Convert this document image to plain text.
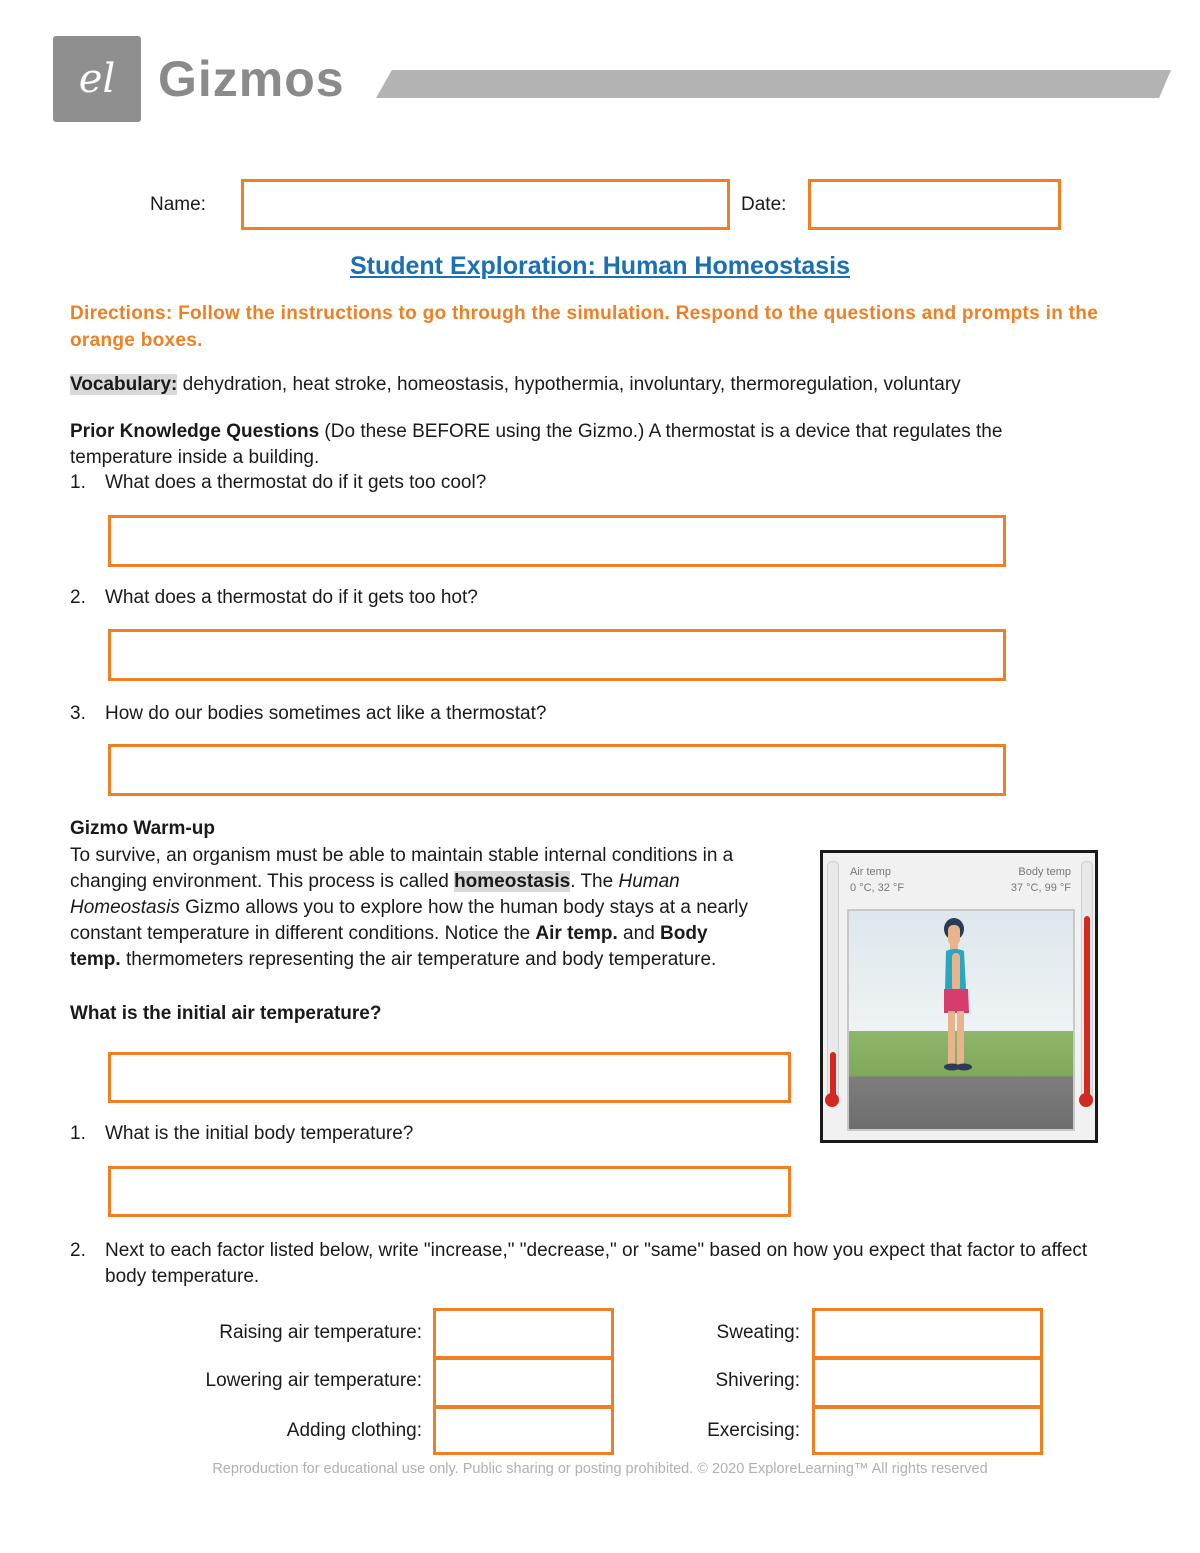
el Gizmos
Name:	Date:
Student Exploration: Human Homeostasis
Directions: Follow the instructions to go through the simulation. Respond to the questions and prompts in the orange boxes.
Vocabulary: dehydration, heat stroke, homeostasis, hypothermia, involuntary, thermoregulation, voluntary
Prior Knowledge Questions (Do these BEFORE using the Gizmo.) A thermostat is a device that regulates the temperature inside a building.
1. What does a thermostat do if it gets too cool?
2. What does a thermostat do if it gets too hot?
3. How do our bodies sometimes act like a thermostat?
Gizmo Warm-up
To survive, an organism must be able to maintain stable internal conditions in a changing environment. This process is called homeostasis. The Human Homeostasis Gizmo allows you to explore how the human body stays at a nearly constant temperature in different conditions. Notice the Air temp. and Body temp. thermometers representing the air temperature and body temperature.
What is the initial air temperature?
1. What is the initial body temperature?
2. Next to each factor listed below, write "increase," "decrease," or "same" based on how you expect that factor to affect body temperature.
Air temp
0 °C, 32 °F
Body temp
37 °C, 99 °F
Raising air temperature:
Lowering air temperature:
Adding clothing:
Sweating:
Shivering:
Exercising:
Reproduction for educational use only. Public sharing or posting prohibited. © 2020 ExploreLearning™ All rights reserved
